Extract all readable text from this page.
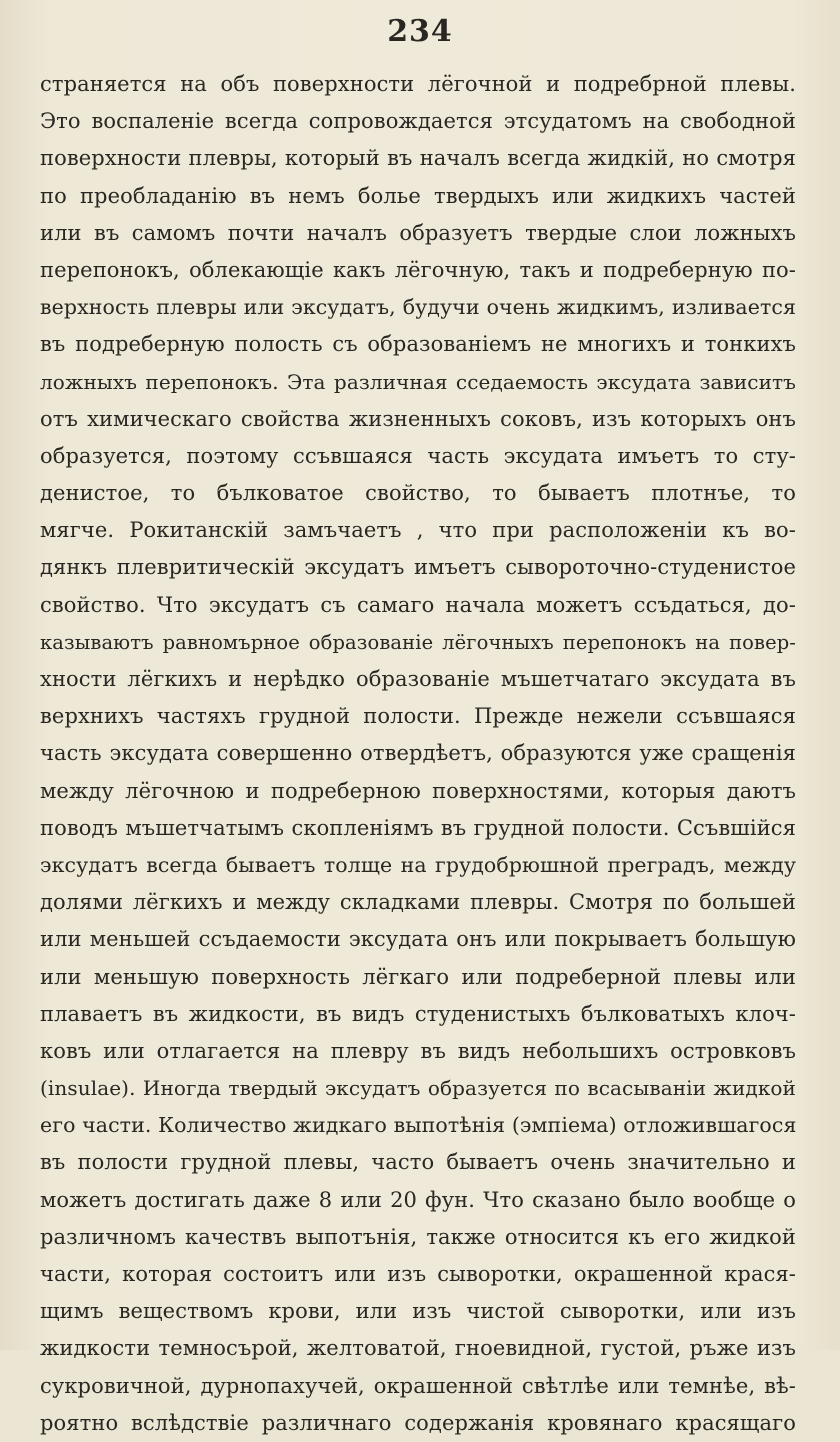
234
страняется на объ поверхности лёгочной и подребрной плевы.
Это воспаленіе всегда сопровождается этсудатомъ на свободной
поверхности плевры, который въ началъ всегда жидкій, но смотря
по преобладанію въ немъ болье твердыхъ или жидкихъ частей
или въ самомъ почти началъ образуетъ твердые слои ложныхъ
перепонокъ, облекающіе какъ лёгочную, такъ и подреберную по-
верхность плевры или эксудатъ, будучи очень жидкимъ, изливается
въ подреберную полость съ образованіемъ не многихъ и тонкихъ
ложныхъ перепонокъ. Эта различная сседаемость эксудата зависитъ
отъ химическаго свойства жизненныхъ соковъ, изъ которыхъ онъ
образуется, поэтому ссъвшаяся часть эксудата имъетъ то сту-
денистое, то бълковатое свойство, то бываетъ плотнъе, то
мягче. Рокитанскій замъчаетъ , что при расположеніи къ во-
дянкъ плевритическій эксудатъ имъетъ сывороточно-студенистое
свойство. Что эксудатъ съ самаго начала можетъ ссъдаться, до-
казываютъ равномърное образованіе лёгочныхъ перепонокъ на повер-
хности лёгкихъ и нерѣдко образованіе мъшетчатаго эксудата въ
верхнихъ частяхъ грудной полости. Прежде нежели ссъвшаяся
часть эксудата совершенно отвердѣетъ, образуются уже сращенія
между лёгочною и подреберною поверхностями, которыя даютъ
поводъ мъшетчатымъ скопленіямъ въ грудной полости. Ссъвшійся
эксудатъ всегда бываетъ толще на грудобрюшной преградъ, между
долями лёгкихъ и между складками плевры. Смотря по большей
или меньшей ссъдаемости эксудата онъ или покрываетъ большую
или меньшую поверхность лёгкаго или подреберной плевы или
плаваетъ въ жидкости, въ видъ студенистыхъ бълковатыхъ клоч-
ковъ или отлагается на плевру въ видъ небольшихъ островковъ
(insulae). Иногда твердый эксудатъ образуется по всасываніи жидкой
его части. Количество жидкаго выпотѣнія (эмпіема) отложившагося
въ полости грудной плевы, часто бываетъ очень значительно и
можетъ достигать даже 8 или 20 фун. Что сказано было вообще о
различномъ качествъ выпотънія, также относится къ его жидкой
части, которая состоитъ или изъ сыворотки, окрашенной крася-
щимъ веществомъ крови, или изъ чистой сыворотки, или изъ
жидкости темносърой, желтоватой, гноевидной, густой, ръже изъ
сукровичной, дурнопахучей, окрашенной свѣтлѣе или темнѣе, вѣ-
роятно вслѣдствіе различнаго содержанія кровянаго красящаго
